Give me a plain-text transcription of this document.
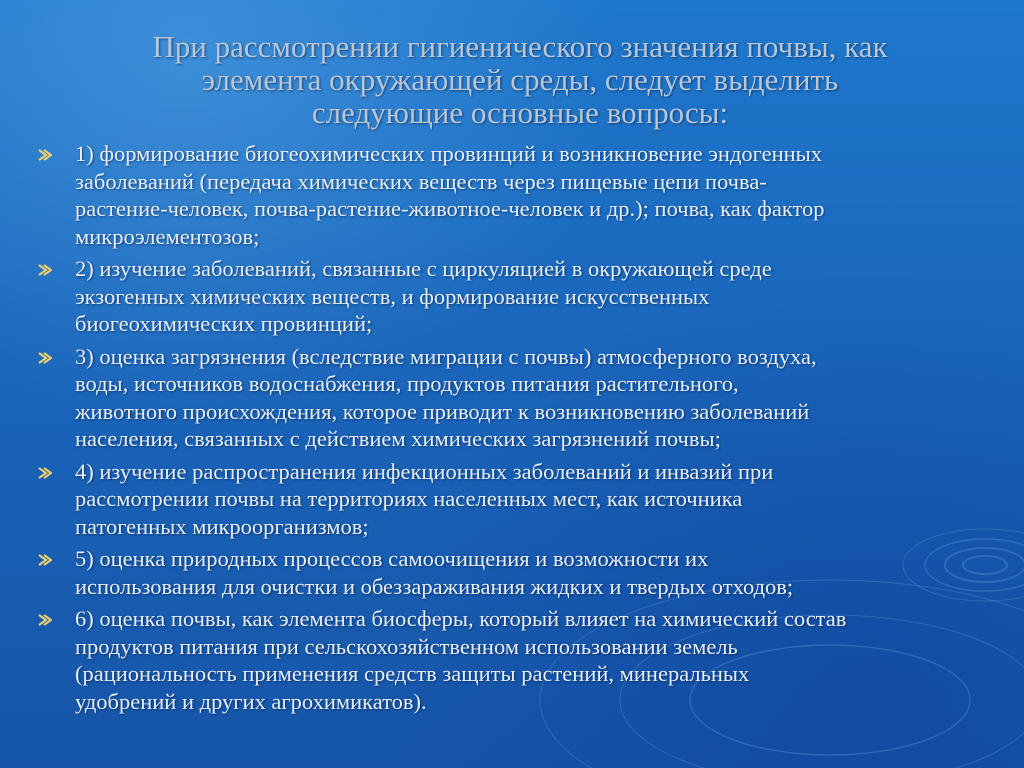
При рассмотрении гигиенического значения почвы, как
элемента окружающей среды, следует выделить
следующие основные вопросы:
1) формирование биогеохимических провинций и возникновение эндогенных
заболеваний (передача химических веществ через пищевые цепи почва-
растение-человек, почва-растение-животное-человек и др.); почва, как фактор
микроэлементозов;
2) изучение заболеваний, связанные с циркуляцией в окружающей среде
экзогенных химических веществ, и формирование искусственных
биогеохимических провинций;
3) оценка загрязнения (вследствие миграции с почвы) атмосферного воздуха,
воды, источников водоснабжения, продуктов питания растительного,
животного происхождения, которое приводит к возникновению заболеваний
населения, связанных с действием химических загрязнений почвы;
4) изучение распространения инфекционных заболеваний и инвазий при
рассмотрении почвы на территориях населенных мест, как источника
патогенных микроорганизмов;
5) оценка природных процессов самоочищения и возможности их
использования для очистки и обеззараживания жидких и твердых отходов;
6) оценка почвы, как элемента биосферы, который влияет на химический состав
продуктов питания при сельскохозяйственном использовании земель
(рациональность применения средств защиты растений, минеральных
удобрений и других агрохимикатов).
